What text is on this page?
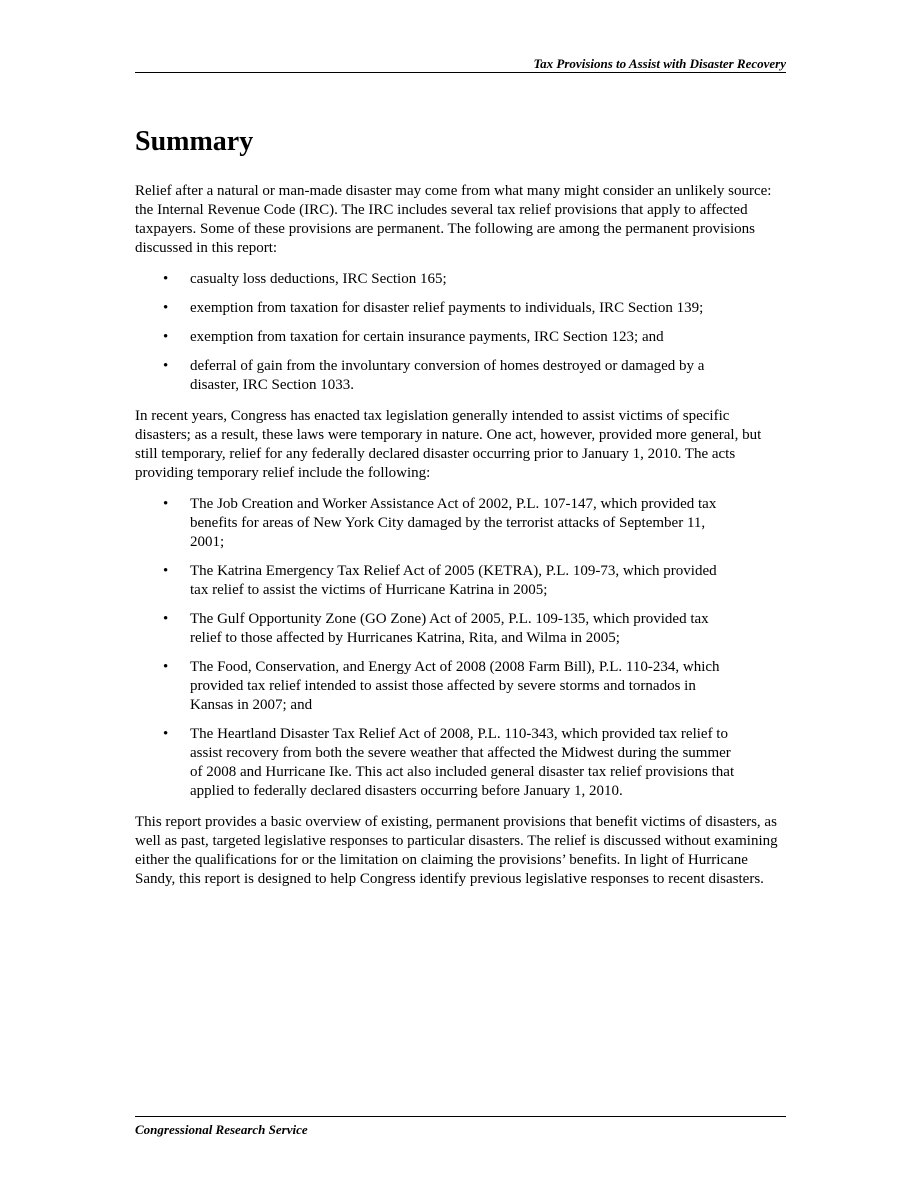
Tax Provisions to Assist with Disaster Recovery
Summary

Relief after a natural or man-made disaster may come from what many might consider an unlikely source: the Internal Revenue Code (IRC). The IRC includes several tax relief provisions that apply to affected taxpayers. Some of these provisions are permanent. The following are among the permanent provisions discussed in this report:

• casualty loss deductions, IRC Section 165;
• exemption from taxation for disaster relief payments to individuals, IRC Section 139;
• exemption from taxation for certain insurance payments, IRC Section 123; and
• deferral of gain from the involuntary conversion of homes destroyed or damaged by a disaster, IRC Section 1033.

In recent years, Congress has enacted tax legislation generally intended to assist victims of specific disasters; as a result, these laws were temporary in nature. One act, however, provided more general, but still temporary, relief for any federally declared disaster occurring prior to January 1, 2010. The acts providing temporary relief include the following:

• The Job Creation and Worker Assistance Act of 2002, P.L. 107-147, which provided tax benefits for areas of New York City damaged by the terrorist attacks of September 11, 2001;
• The Katrina Emergency Tax Relief Act of 2005 (KETRA), P.L. 109-73, which provided tax relief to assist the victims of Hurricane Katrina in 2005;
• The Gulf Opportunity Zone (GO Zone) Act of 2005, P.L. 109-135, which provided tax relief to those affected by Hurricanes Katrina, Rita, and Wilma in 2005;
• The Food, Conservation, and Energy Act of 2008 (2008 Farm Bill), P.L. 110-234, which provided tax relief intended to assist those affected by severe storms and tornados in Kansas in 2007; and
• The Heartland Disaster Tax Relief Act of 2008, P.L. 110-343, which provided tax relief to assist recovery from both the severe weather that affected the Midwest during the summer of 2008 and Hurricane Ike. This act also included general disaster tax relief provisions that applied to federally declared disasters occurring before January 1, 2010.

This report provides a basic overview of existing, permanent provisions that benefit victims of disasters, as well as past, targeted legislative responses to particular disasters. The relief is discussed without examining either the qualifications for or the limitation on claiming the provisions’ benefits. In light of Hurricane Sandy, this report is designed to help Congress identify previous legislative responses to recent disasters.

Congressional Research Service
